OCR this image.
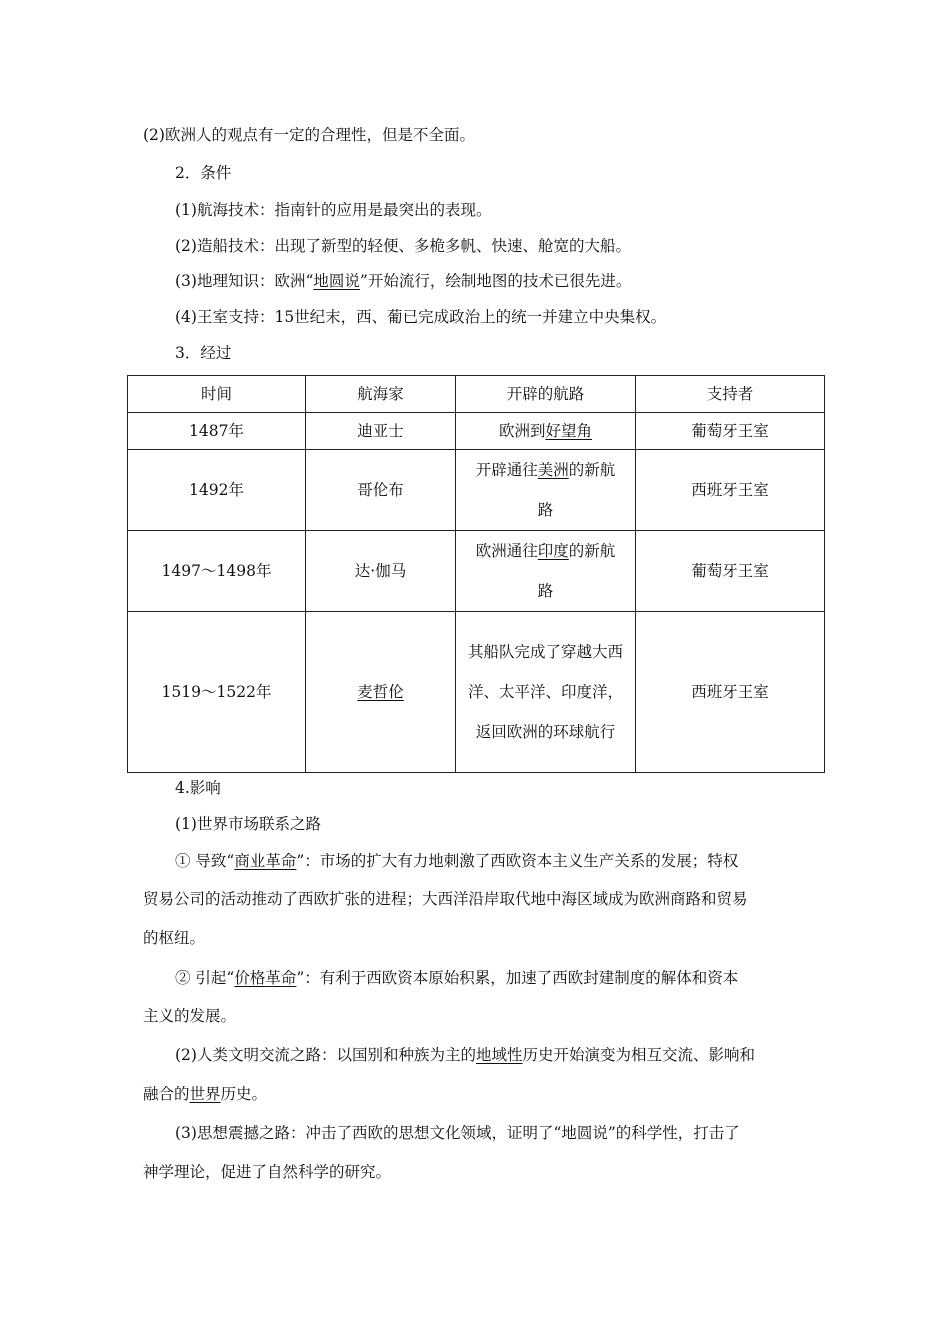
(2)欧洲人的观点有一定的合理性，但是不全面。
2．条件
(1)航海技术：指南针的应用是最突出的表现。
(2)造船技术：出现了新型的轻便、多桅多帆、快速、舱宽的大船。
(3)地理知识：欧洲“地圆说”开始流行，绘制地图的技术已很先进。
(4)王室支持：15世纪末，西、葡已完成政治上的统一并建立中央集权。
3．经过
时间	航海家	开辟的航路	支持者
1487年	迪亚士	欧洲到好望角	葡萄牙王室
1492年	哥伦布	开辟通往美洲的新航路	西班牙王室
1497～1498年	达·伽马	欧洲通往印度的新航路	葡萄牙王室
1519～1522年	麦哲伦	其船队完成了穿越大西洋、太平洋、印度洋，返回欧洲的环球航行	西班牙王室
4.影响
(1)世界市场联系之路
① 导致“商业革命”：市场的扩大有力地刺激了西欧资本主义生产关系的发展；特权
贸易公司的活动推动了西欧扩张的进程；大西洋沿岸取代地中海区域成为欧洲商路和贸易
的枢纽。
② 引起“价格革命”：有利于西欧资本原始积累，加速了西欧封建制度的解体和资本
主义的发展。
(2)人类文明交流之路：以国别和种族为主的地域性历史开始演变为相互交流、影响和
融合的世界历史。
(3)思想震撼之路：冲击了西欧的思想文化领域，证明了“地圆说”的科学性，打击了
神学理论，促进了自然科学的研究。
